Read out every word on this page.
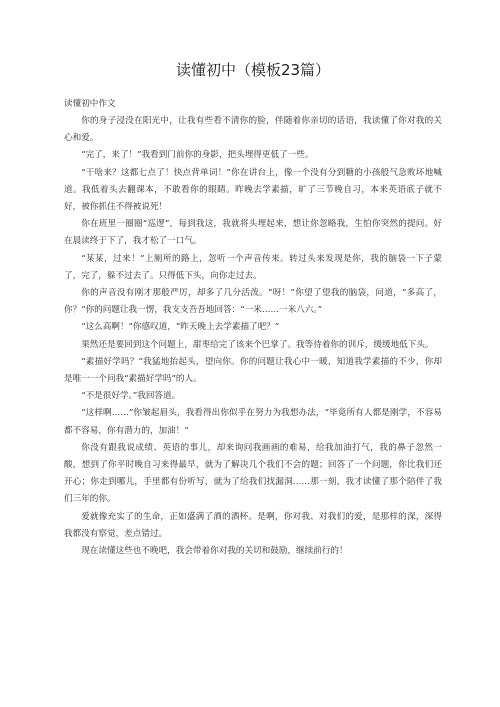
读懂初中（模板23篇）

读懂初中作文

你的身子浸没在阳光中，让我有些看不清你的脸，伴随着你亲切的话语，我读懂了你对我的关心和爱。

“完了，来了！”我看到门前你的身影，把头埋得更低了一些。

“干啥来？这都七点了！快点背单词！”你在讲台上，像一个没有分到糖的小孩般气急败坏地喊道。我低着头去翻课本，不敢看你的眼睛。昨晚去学素描，旷了三节晚自习，本来英语底子就不好，被你抓住不得被说死！

你在班里一圈圈“巡逻”，每到我这，我就将头埋起来，想让你忽略我，生怕你突然的提问。好在晨读终于下了，我才松了一口气。

“某某，过来！”上厕所的路上，忽听一个声音传来。转过头来发现是你，我的脑袋一下子蒙了，完了，躲不过去了。只得低下头，向你走过去。

你的声音没有刚才那般严厉，却多了几分活泼。“呀！”你望了望我的脑袋，问道，“多高了，你？”你的问题让我一愣，我支支吾吾地回答：“一米……一米八六。”

“这么高啊！”你感叹道，“昨天晚上去学素描了吧？”

果然还是要回到这个问题上，甜枣给完了该来个巴掌了。我等待着你的训斥，缓缓地低下头。

“素描好学吗？”我猛地抬起头，望向你。你的问题让我心中一暖，知道我学素描的不少，你却是唯一一个问我“素描好学吗”的人。

“不是很好学。”我回答道。

“这样啊……”你皱起眉头，我看得出你似乎在努力为我想办法，“毕竟所有人都是刚学，不容易都不容易，你有潜力的，加油！”

你没有跟我说成绩、英语的事儿，却来询问我画画的难易，给我加油打气，我的鼻子忽然一酸，想到了你平时晚自习来得最早，就为了解决几个我们不会的题；回答了一个问题，你比我们还开心；你走到哪儿，手里都有份听写，就为了给我们找漏洞……那一刻，我才读懂了那个陪伴了我们三年的你。

爱就像充实了的生命，正如盛满了酒的酒杯。是啊，你对我、对我们的爱，是那样的深，深得我都没有察觉，差点错过。

现在读懂这些也不晚吧，我会带着你对我的关切和鼓励，继续前行的！
